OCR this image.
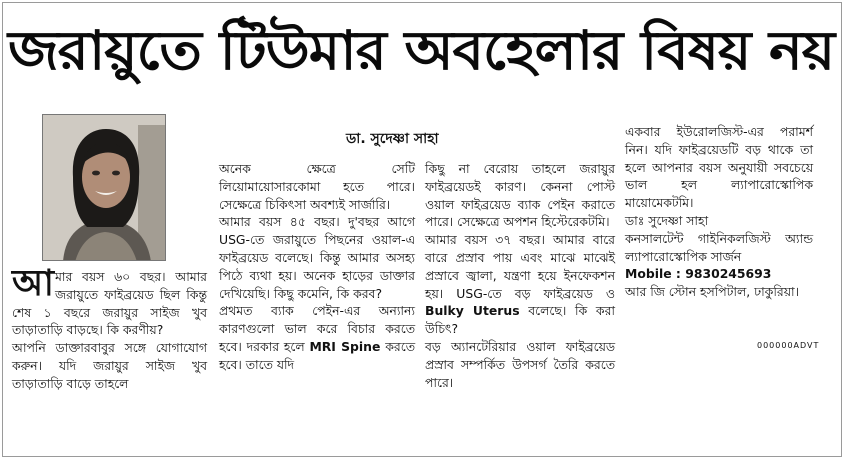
জরায়ুতে টিউমার অবহেলার বিষয় নয়
ডা. সুদেষ্ণা সাহা

আমার বয়স ৬০ বছর। আমার জরায়ুতে ফাইব্রয়েড ছিল কিন্তু শেষ ১ বছরে জরায়ুর সাইজ খুব তাড়াতাড়ি বাড়ছে। কি করণীয়?

আপনি ডাক্তারবাবুর সঙ্গে যোগাযোগ করুন। যদি জরায়ুর সাইজ খুব তাড়াতাড়ি বাড়ে তাহলে

অনেক ক্ষেত্রে সেটি লিয়োমায়োসারকোমা হতে পারে। সেক্ষেত্রে চিকিৎসা অবশ্যই সার্জারি।

আমার বয়স ৪৫ বছর। দু'বছর আগে USG-তে জরায়ুতে পিছনের ওয়াল-এ ফাইব্রয়েড বলেছে। কিন্তু আমার অসহ্য পিঠে ব্যথা হয়। অনেক হাড়ের ডাক্তার দেখিয়েছি। কিছু কমেনি, কি করব?

প্রথমত ব্যাক পেইন-এর অন্যান্য কারণগুলো ভাল করে বিচার করতে হবে। দরকার হলে MRI Spine করতে হবে। তাতে যদি

কিছু না বেরোয় তাহলে জরায়ুর ফাইব্রয়েডই কারণ। কেননা পোস্ট ওয়াল ফাইব্রয়েড ব্যাক পেইন করাতে পারে। সেক্ষেত্রে অপশন হিস্টেরেকটমি।

আমার বয়স ৩৭ বছর। আমার বারে বারে প্রস্রাব পায় এবং মাঝে মাঝেই প্রস্রাবে জ্বালা, যন্ত্রণা হয়ে ইনফেকশন হয়। USG-তে বড় ফাইব্রয়েড ও Bulky Uterus বলেছে। কি করা উচিৎ?

বড় অ্যানটেরিয়ার ওয়াল ফাইব্রয়েড প্রস্রাব সম্পর্কিত উপসর্গ তৈরি করতে পারে।

একবার ইউরোলজিস্ট-এর পরামর্শ নিন। যদি ফাইব্রয়েডটি বড় থাকে তা হলে আপনার বয়স অনুযায়ী সবচেয়ে ভাল হল ল্যাপারোস্কোপিক মায়োমেকটমি।

ডাঃ সুদেষ্ণা সাহা

কনসালটেন্ট গাইনিকলজিস্ট অ্যান্ড ল্যাপারোস্কোপিক সার্জন

Mobile : 9830245693

আর জি স্টোন হসপিটাল, ঢাকুরিয়া।

000000ADVT
